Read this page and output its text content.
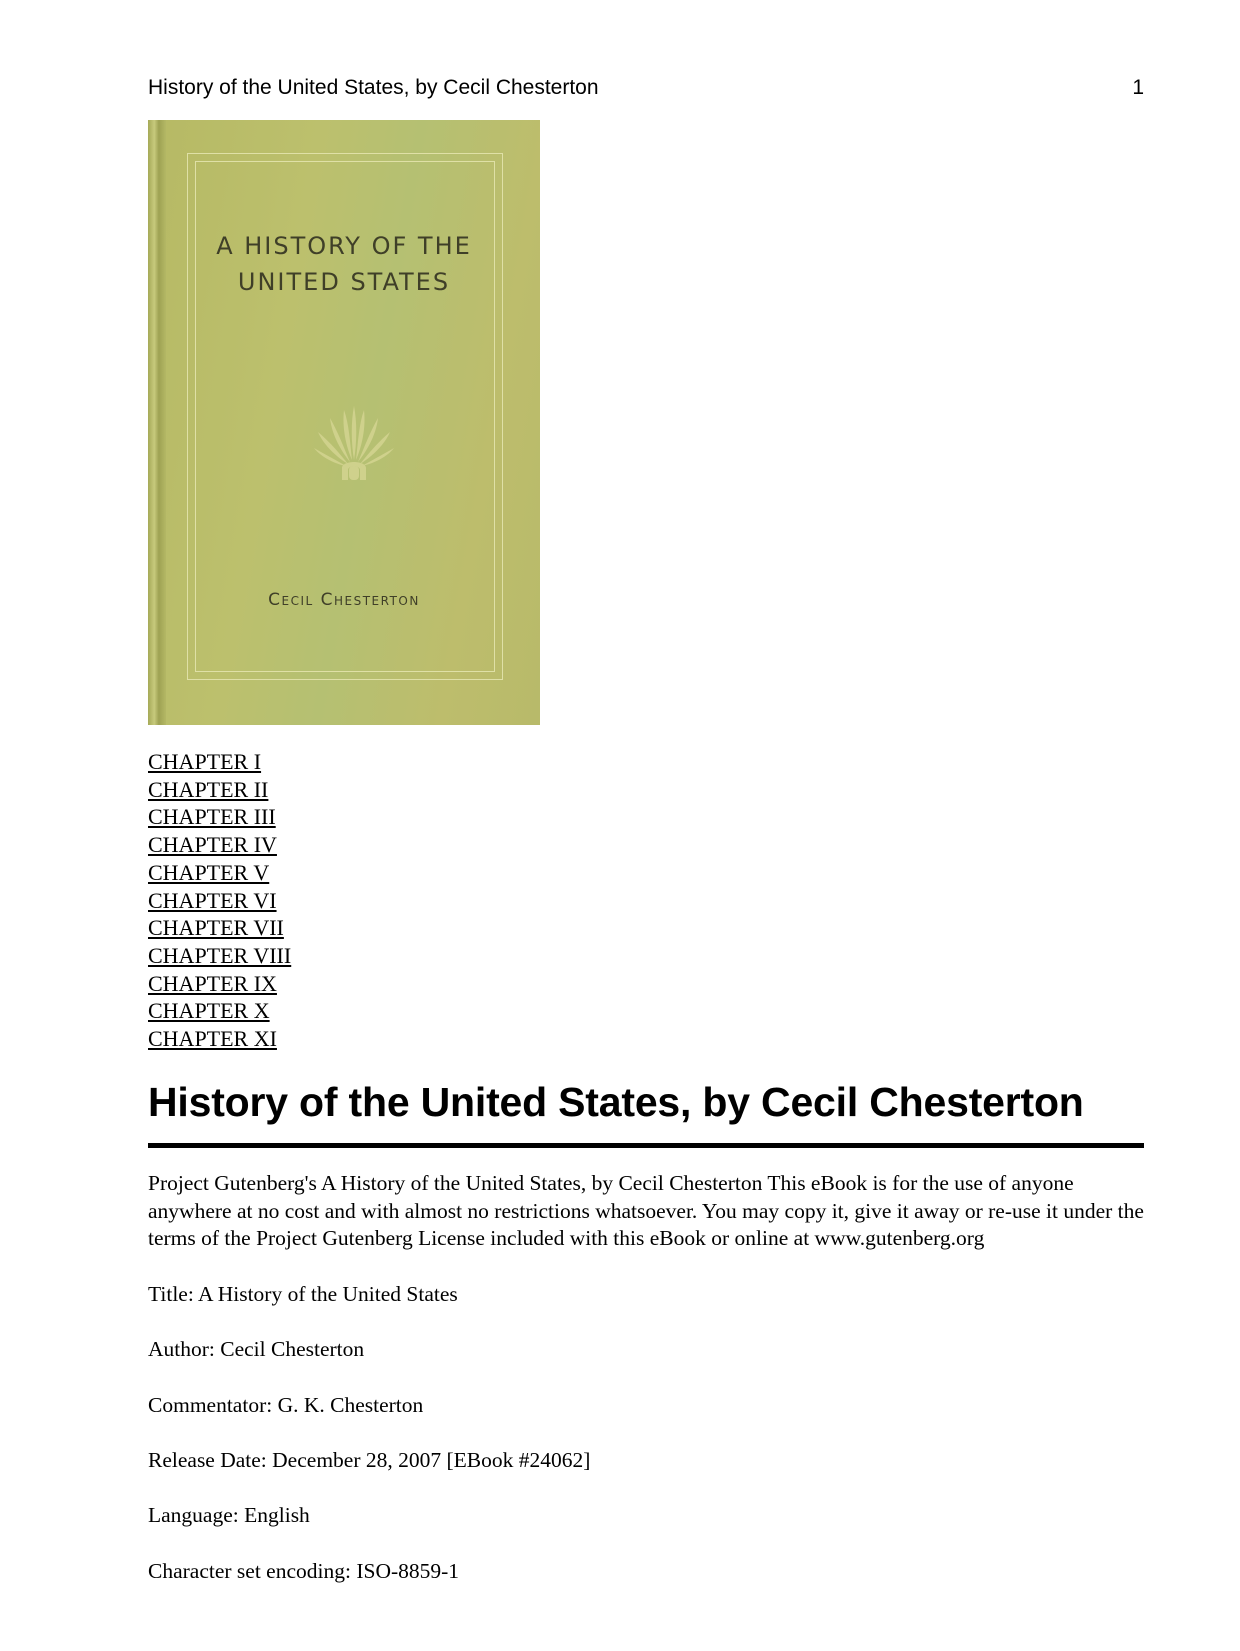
History of the United States, by Cecil Chesterton	1
A HISTORY OF THE
UNITED STATES
Cecil Chesterton
CHAPTER I
CHAPTER II
CHAPTER III
CHAPTER IV
CHAPTER V
CHAPTER VI
CHAPTER VII
CHAPTER VIII
CHAPTER IX
CHAPTER X
CHAPTER XI
History of the United States, by Cecil Chesterton

Project Gutenberg's A History of the United States, by Cecil Chesterton This eBook is for the use of anyone anywhere at no cost and with almost no restrictions whatsoever. You may copy it, give it away or re-use it under the terms of the Project Gutenberg License included with this eBook or online at www.gutenberg.org

Title: A History of the United States

Author: Cecil Chesterton

Commentator: G. K. Chesterton

Release Date: December 28, 2007 [EBook #24062]

Language: English

Character set encoding: ISO-8859-1
